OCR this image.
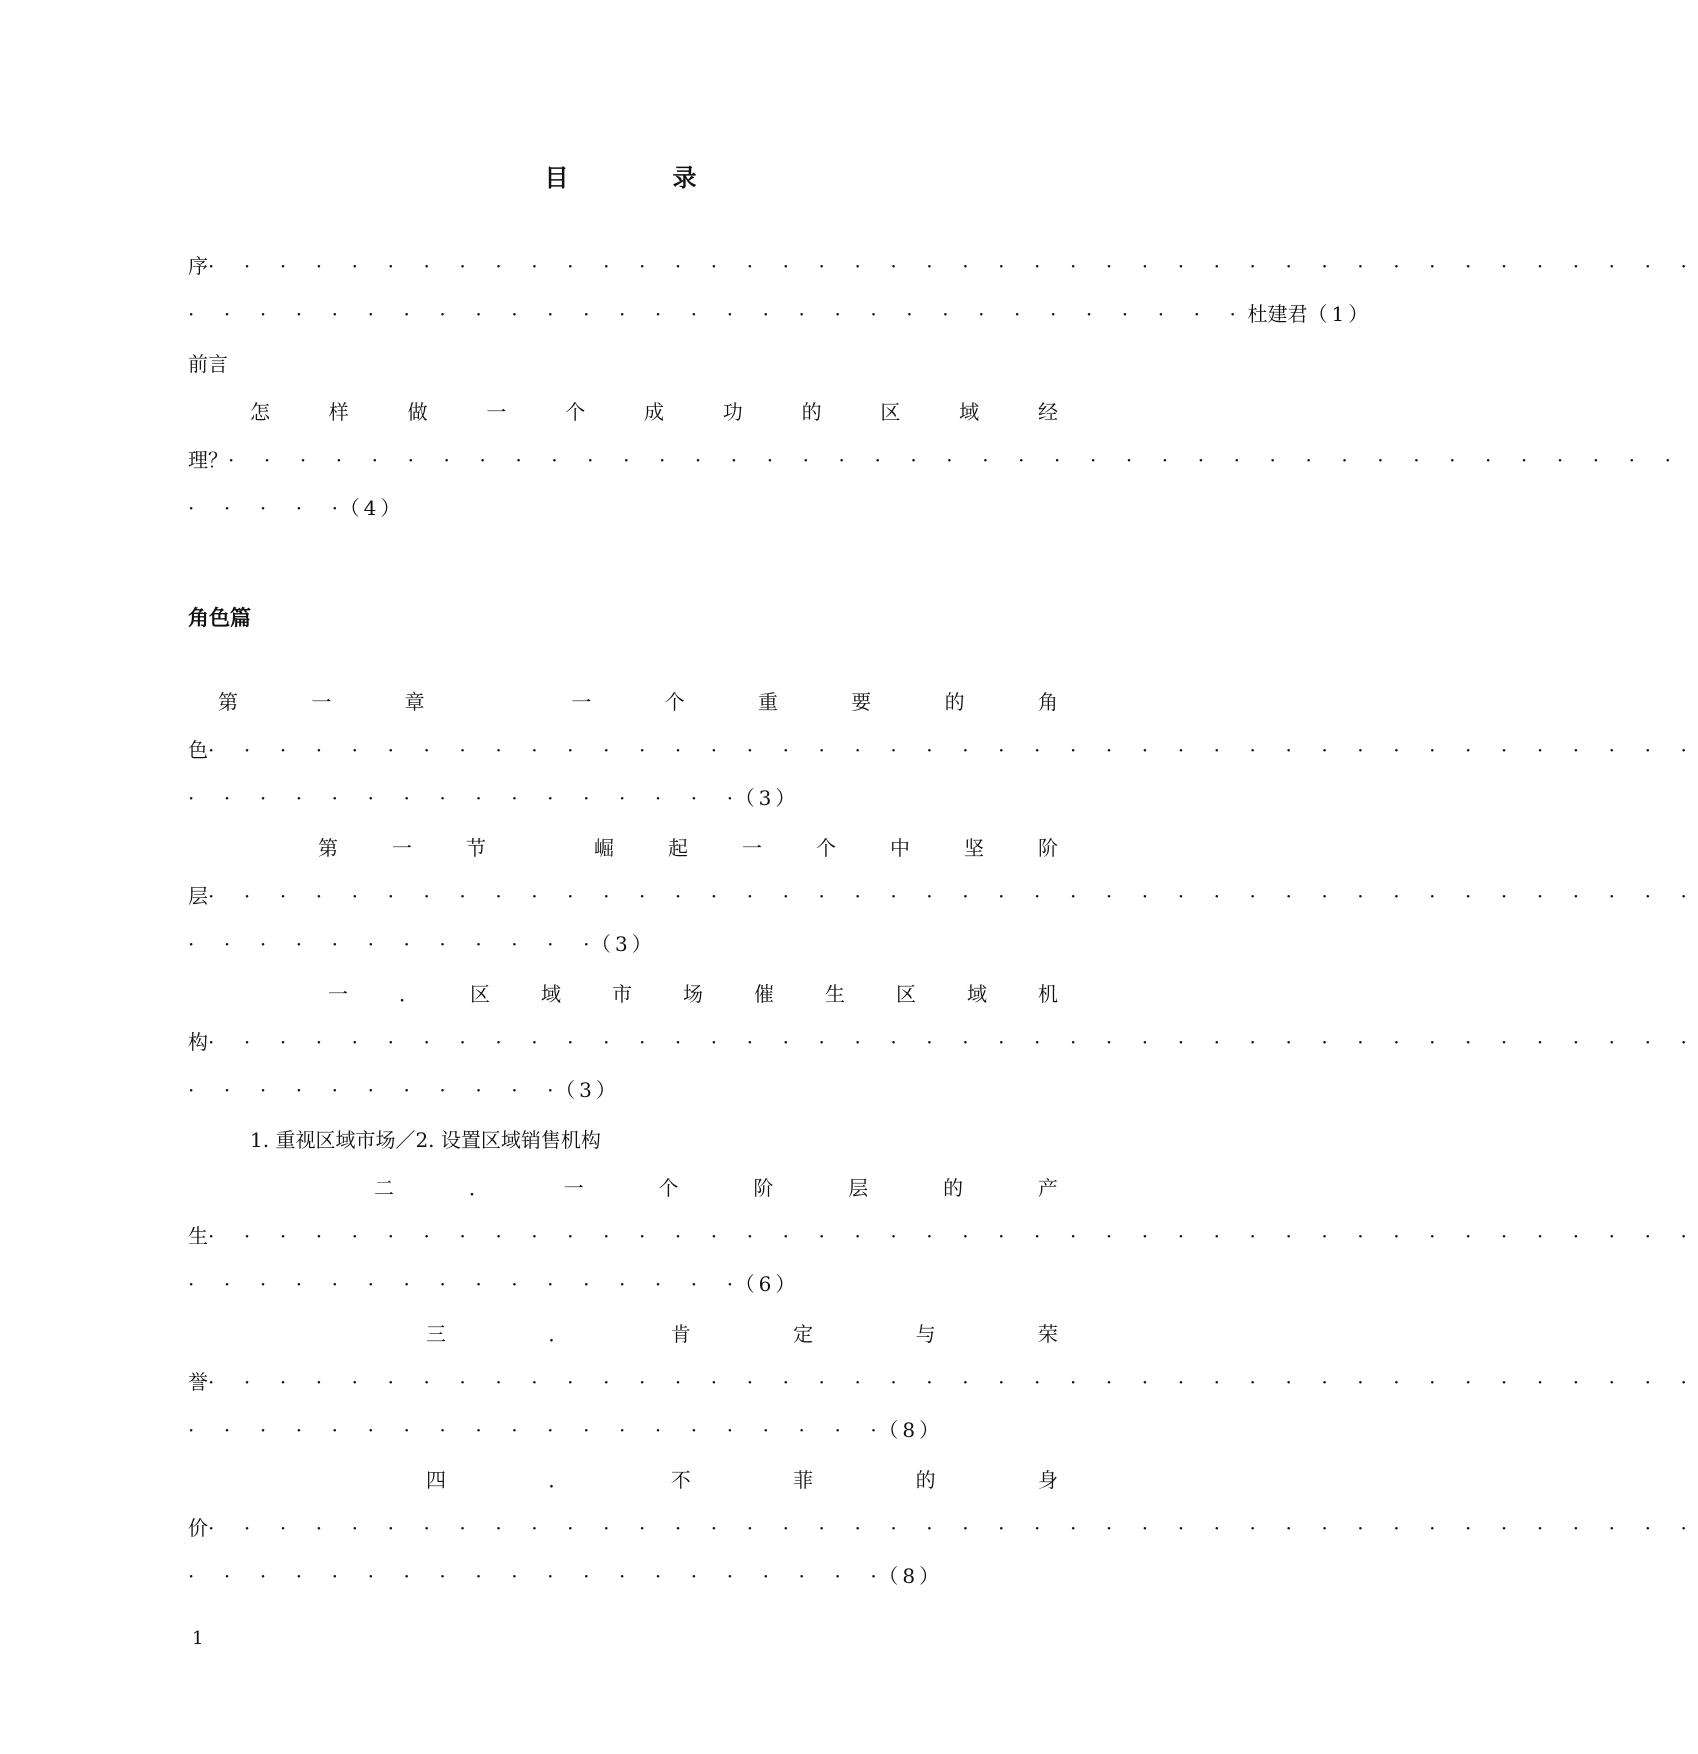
目　录
序· · · · · · · · · · · · · · · · · · · · · · · · · · · · · · · · · · · · · · · · · ·
· · · · · · · · · · · · · · · · · · · · · · · · · · · · · ·杜建君（1）
前言
怎	样	做	一	个	成	功	的	区	域	经
理？· · · · · · · · · · · · · · · · · · · · · · · · · · · · · · · · · · · · · · · · ·
· · · · ·（4）
角色篇
第	一	章	一	个	重	要	的	角
色· · · · · · · · · · · · · · · · · · · · · · · · · · · · · · · · · · · · · · · · · ·
· · · · · · · · · · · · · · · ·（3）
第	一	节	崛	起	一	个	中	坚	阶
层· · · · · · · · · · · · · · · · · · · · · · · · · · · · · · · · · · · · · · · · · ·
· · · · · · · · · · · ·（3）
一	．	区	域	市	场	催	生	区	域	机
构· · · · · · · · · · · · · · · · · · · · · · · · · · · · · · · · · · · · · · · · · ·
· · · · · · · · · · ·（3）
1. 重视区域市场／2. 设置区域销售机构
二	．	一	个	阶	层	的	产
生· · · · · · · · · · · · · · · · · · · · · · · · · · · · · · · · · · · · · · · · · ·
· · · · · · · · · · · · · · · ·（6）
三	．	肯	定	与	荣
誉· · · · · · · · · · · · · · · · · · · · · · · · · · · · · · · · · · · · · · · · · ·
· · · · · · · · · · · · · · · · · · · ·（8）
四	．	不	菲	的	身
价· · · · · · · · · · · · · · · · · · · · · · · · · · · · · · · · · · · · · · · · · ·
· · · · · · · · · · · · · · · · · · · ·（8）
1
